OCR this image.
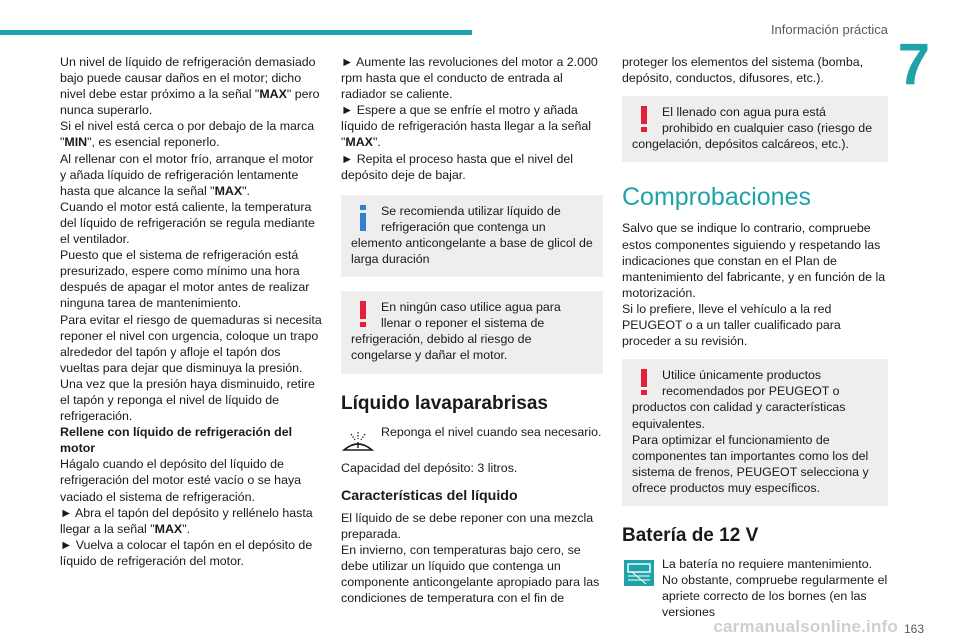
Información práctica
7
Un nivel de líquido de refrigeración demasiado bajo puede causar daños en el motor; dicho nivel debe estar próximo a la señal "MAX" pero nunca superarlo.
Si el nivel está cerca o por debajo de la marca "MIN", es esencial reponerlo.
Al rellenar con el motor frío, arranque el motor y añada líquido de refrigeración lentamente hasta que alcance la señal "MAX".
Cuando el motor está caliente, la temperatura del líquido de refrigeración se regula mediante el ventilador.
Puesto que el sistema de refrigeración está presurizado, espere como mínimo una hora después de apagar el motor antes de realizar ninguna tarea de mantenimiento.
Para evitar el riesgo de quemaduras si necesita reponer el nivel con urgencia, coloque un trapo alrededor del tapón y afloje el tapón dos vueltas para dejar que disminuya la presión.
Una vez que la presión haya disminuido, retire el tapón y reponga el nivel de líquido de refrigeración.
Rellene con líquido de refrigeración del motor
Hágalo cuando el depósito del líquido de refrigeración del motor esté vacío o se haya vaciado el sistema de refrigeración.
► Abra el tapón del depósito y rellénelo hasta llegar a la señal "MAX".
► Vuelva a colocar el tapón en el depósito de líquido de refrigeración del motor.
► Aumente las revoluciones del motor a 2.000 rpm hasta que el conducto de entrada al radiador se caliente.
► Espere a que se enfríe el motro y añada líquido de refrigeración hasta llegar a la señal "MAX".
► Repita el proceso hasta que el nivel del depósito deje de bajar.
Se recomienda utilizar líquido de refrigeración que contenga un elemento anticongelante a base de glicol de larga duración
En ningún caso utilice agua para llenar o reponer el sistema de refrigeración, debido al riesgo de congelarse y dañar el motor.
Líquido lavaparabrisas
Reponga el nivel cuando sea necesario.
Capacidad del depósito: 3 litros.
Características del líquido
El líquido de se debe reponer con una mezcla preparada.
En invierno, con temperaturas bajo cero, se debe utilizar un líquido que contenga un componente anticongelante apropiado para las condiciones de temperatura con el fin de
proteger los elementos del sistema (bomba, depósito, conductos, difusores, etc.).
El llenado con agua pura está prohibido en cualquier caso (riesgo de congelación, depósitos calcáreos, etc.).
Comprobaciones
Salvo que se indique lo contrario, compruebe estos componentes siguiendo y respetando las indicaciones que constan en el Plan de mantenimiento del fabricante, y en función de la motorización.
Si lo prefiere, lleve el vehículo a la red PEUGEOT o a un taller cualificado para proceder a su revisión.
Utilice únicamente productos recomendados por PEUGEOT o productos con calidad y características equivalentes.
Para optimizar el funcionamiento de componentes tan importantes como los del sistema de frenos, PEUGEOT selecciona y ofrece productos muy específicos.
Batería de 12 V
La batería no requiere mantenimiento. No obstante, compruebe regularmente el apriete correcto de los bornes (en las versiones
carmanualsonline.info 163
